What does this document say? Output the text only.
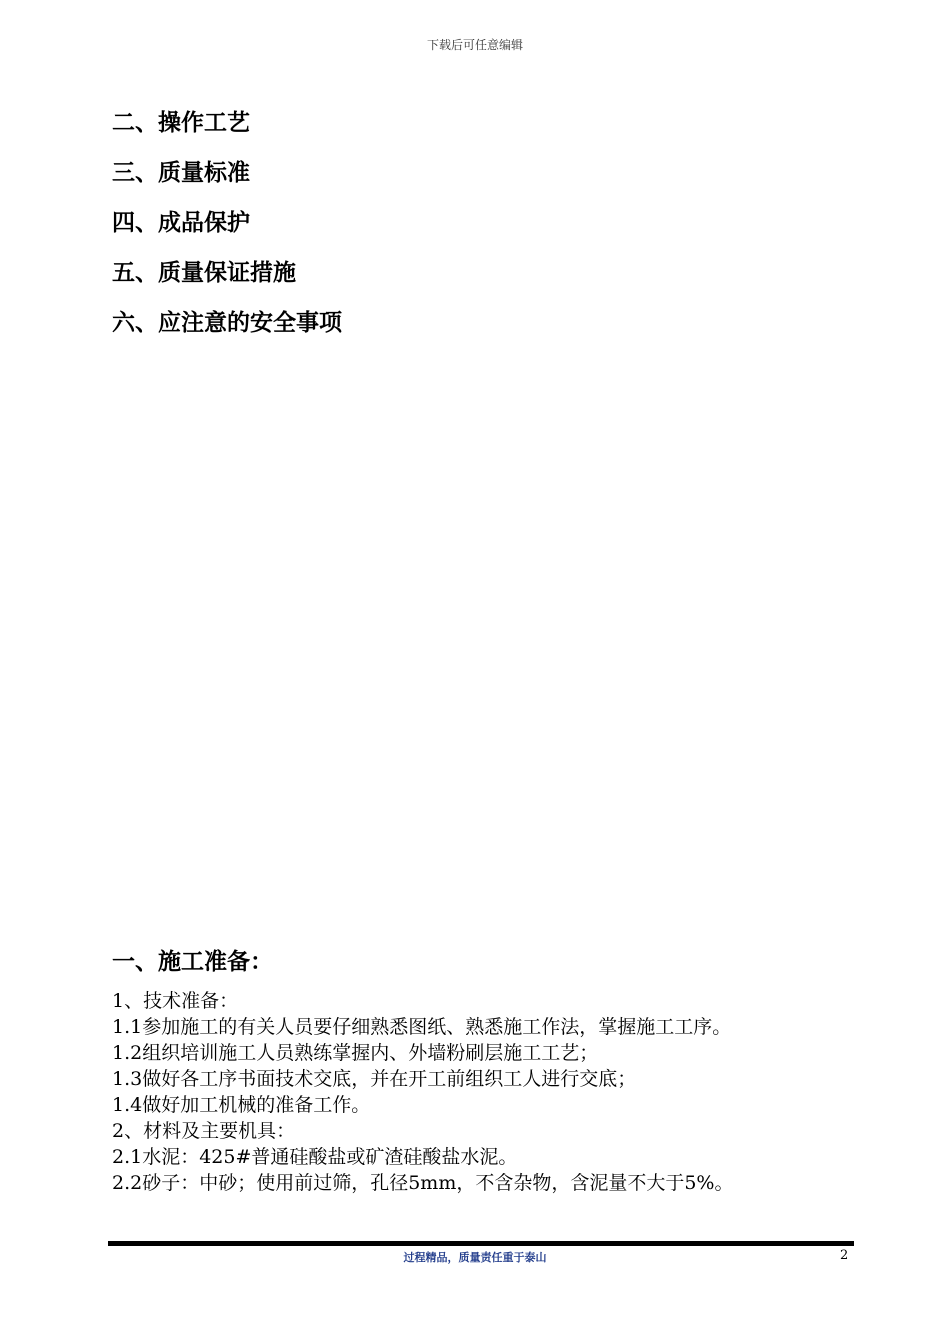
下载后可任意编辑
二、操作工艺
三、质量标准
四、成品保护
五、质量保证措施
六、应注意的安全事项
一、施工准备：
1、技术准备：
1.1参加施工的有关人员要仔细熟悉图纸、熟悉施工作法，掌握施工工序。
1.2组织培训施工人员熟练掌握内、外墙粉刷层施工工艺；
1.3做好各工序书面技术交底，并在开工前组织工人进行交底；
1.4做好加工机械的准备工作。
2、材料及主要机具：
2.1水泥：425#普通硅酸盐或矿渣硅酸盐水泥。
2.2砂子：中砂；使用前过筛，孔径5mm，不含杂物，含泥量不大于5%。
过程精品，质量责任重于泰山	2
